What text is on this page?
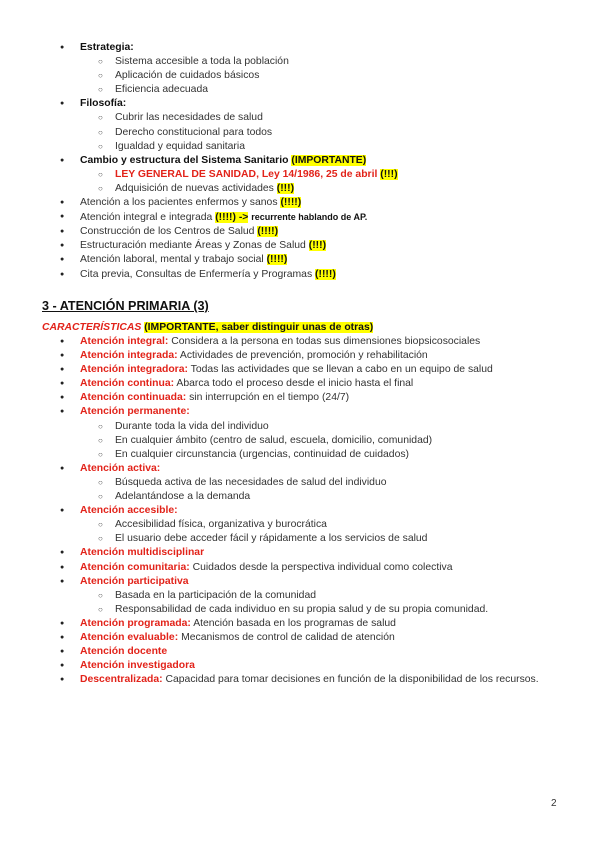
● Estrategia:
○ Sistema accesible a toda la población
○ Aplicación de cuidados básicos
○ Eficiencia adecuada
● Filosofía:
○ Cubrir las necesidades de salud
○ Derecho constitucional para todos
○ Igualdad y equidad sanitaria
● Cambio y estructura del Sistema Sanitario (IMPORTANTE)
○ LEY GENERAL DE SANIDAD, Ley 14/1986, 25 de abril (!!!)
○ Adquisición de nuevas actividades (!!!)
● Atención a los pacientes enfermos y sanos (!!!!)
● Atención integral e integrada (!!!!) -> recurrente hablando de AP.
● Construcción de los Centros de Salud (!!!!)
● Estructuración mediante Áreas y Zonas de Salud (!!!)
● Atención laboral, mental y trabajo social (!!!!)
● Cita previa, Consultas de Enfermería y Programas (!!!!)
3 - ATENCIÓN PRIMARIA (3)
CARACTERÍSTICAS (IMPORTANTE, saber distinguir unas de otras)
● Atención integral: Considera a la persona en todas sus dimensiones biopsicosociales
● Atención integrada: Actividades de prevención, promoción y rehabilitación
● Atención integradora: Todas las actividades que se llevan a cabo en un equipo de salud
● Atención continua: Abarca todo el proceso desde el inicio hasta el final
● Atención continuada: sin interrupción en el tiempo (24/7)
● Atención permanente:
○ Durante toda la vida del individuo
○ En cualquier ámbito (centro de salud, escuela, domicilio, comunidad)
○ En cualquier circunstancia (urgencias, continuidad de cuidados)
● Atención activa:
○ Búsqueda activa de las necesidades de salud del individuo
○ Adelantándose a la demanda
● Atención accesible:
○ Accesibilidad física, organizativa y burocrática
○ El usuario debe acceder fácil y rápidamente a los servicios de salud
● Atención multidisciplinar
● Atención comunitaria: Cuidados desde la perspectiva individual como colectiva
● Atención participativa
○ Basada en la participación de la comunidad
○ Responsabilidad de cada individuo en su propia salud y de su propia comunidad.
● Atención programada: Atención basada en los programas de salud
● Atención evaluable: Mecanismos de control de calidad de atención
● Atención docente
● Atención investigadora
● Descentralizada: Capacidad para tomar decisiones en función de la disponibilidad de los recursos.
2
